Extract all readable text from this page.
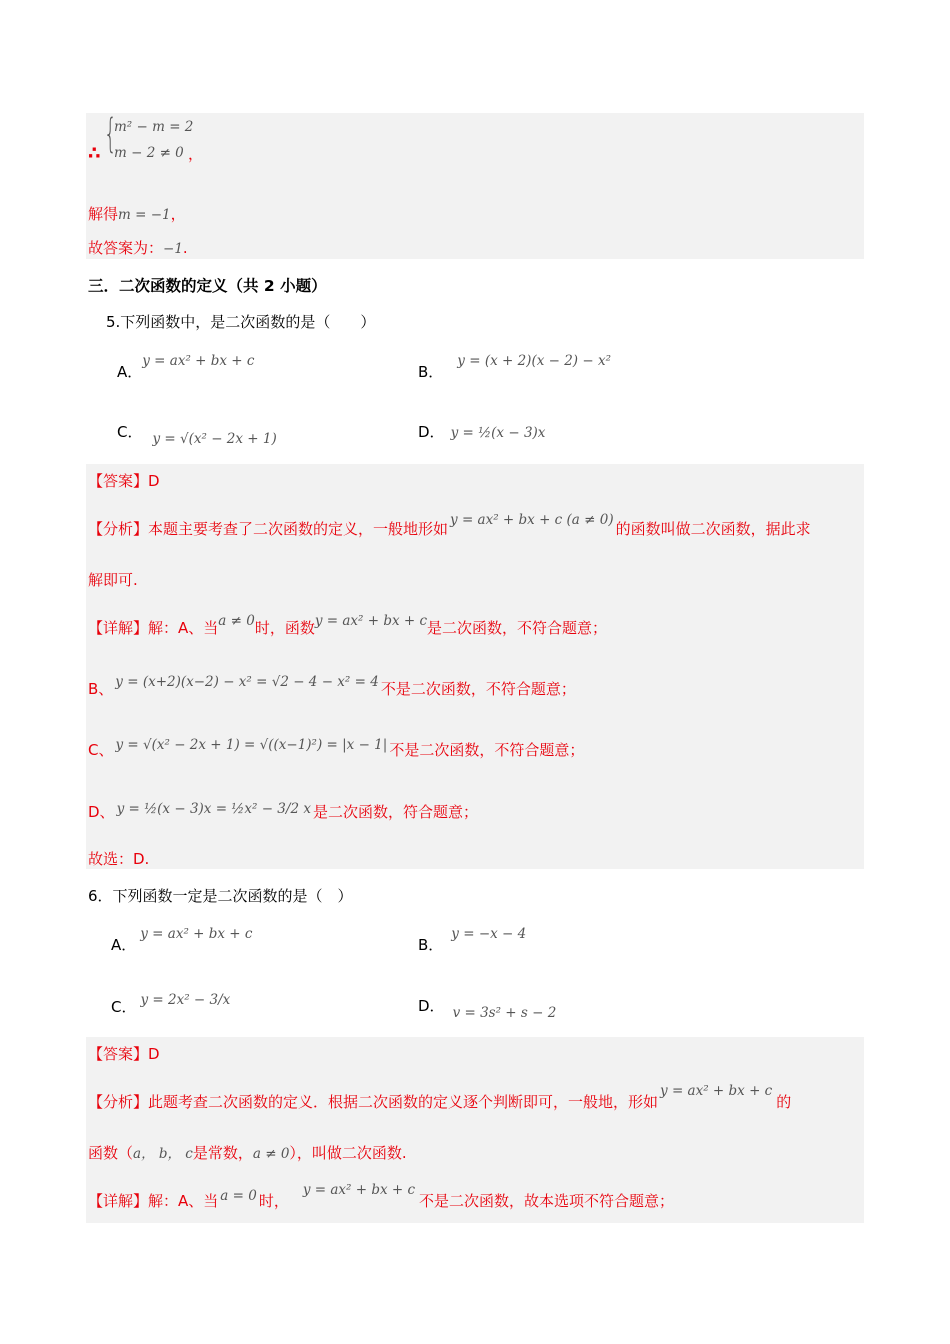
∴ {
m² − m = 2
m − 2 ≠ 0 ，
解得m = −1，
故答案为：−1.
三．二次函数的定义（共 2 小题）
5.下列函数中，是二次函数的是（　　）
A．y = ax² + bx + c
B．y = (x + 2)(x − 2) − x²
C． y = √(x² − 2x + 1)	D． y = ½(x − 3)x
【答案】D
【分析】本题主要考查了二次函数的定义，一般地形如 y = ax² + bx + c (a ≠ 0) 的函数叫做二次函数，据此求
解即可.
【详解】解：A、当a ≠ 0时，函数y = ax² + bx + c是二次函数，不符合题意；
B、 y = (x+2)(x−2) − x² = √2 − 4 − x² = 4 不是二次函数，不符合题意；
C、 y = √(x² − 2x + 1) = √((x−1)²) = |x − 1| 不是二次函数，不符合题意；
D、 y = ½(x − 3)x = ½x² − 3/2 x 是二次函数，符合题意；
故选：D.
6．下列函数一定是二次函数的是（　）
A．y = ax² + bx + c
B．y = −x − 4
C． y = 2x² − 3/x	D． v = 3s² + s − 2
【答案】D
【分析】此题考查二次函数的定义．根据二次函数的定义逐个判断即可，一般地，形如y = ax² + bx + c的
函数（a， b， c是常数，a ≠ 0），叫做二次函数.
【详解】解：A、当 a = 0 时，y = ax² + bx + c不是二次函数，故本选项不符合题意；
